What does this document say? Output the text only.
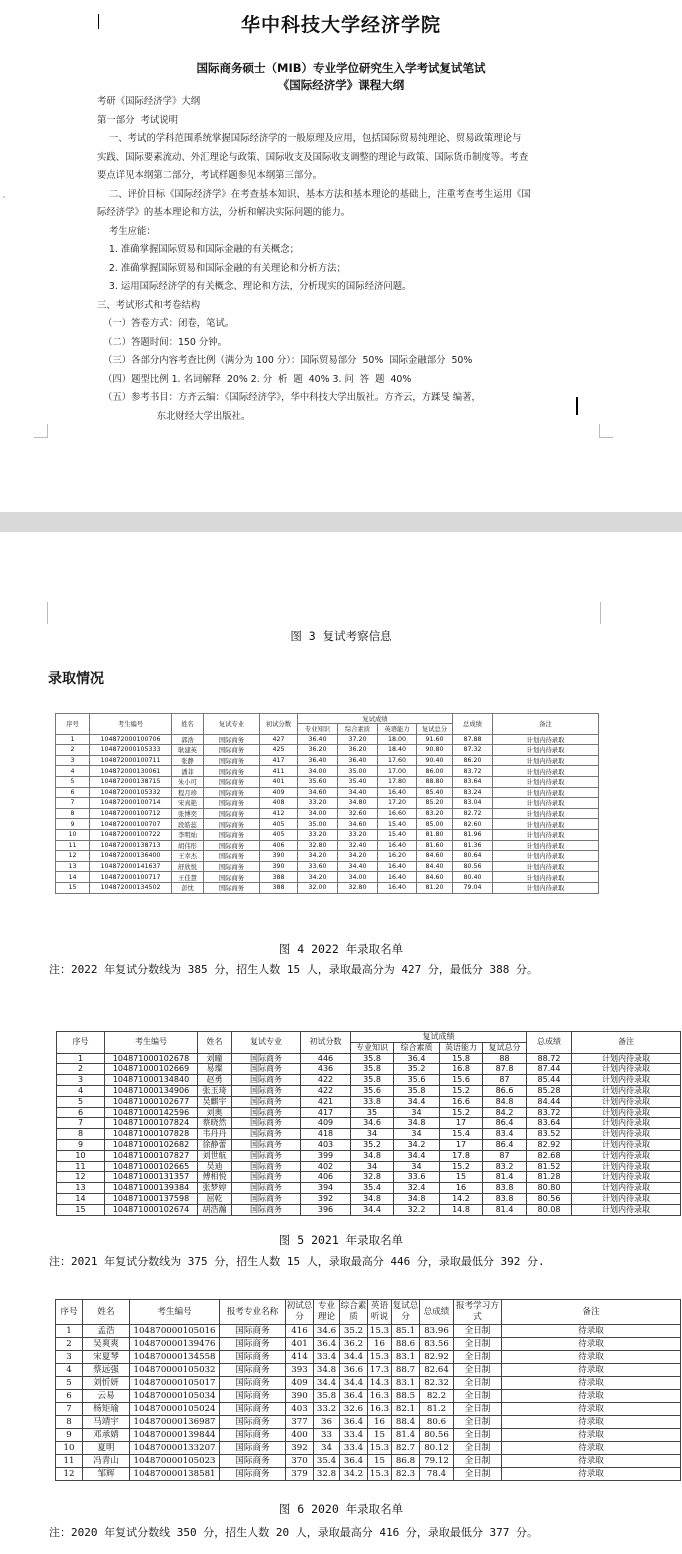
华中科技大学经济学院
国际商务硕士（MIB）专业学位研究生入学考试复试笔试
《国际经济学》课程大纲
考研《国际经济学》大纲
第一部分  考试说明
一、考试的学科范围系统掌握国际经济学的一般原理及应用，包括国际贸易纯理论、贸易政策理论与
实践、国际要素流动、外汇理论与政策、国际收支及国际收支调整的理论与政策、国际货币制度等。考查
要点详见本纲第二部分，考试样题参见本纲第三部分。
二、评价目标《国际经济学》在考查基本知识、基本方法和基本理论的基础上，注重考查考生运用《国
际经济学》的基本理论和方法，分析和解决实际问题的能力。
考生应能：
1. 准确掌握国际贸易和国际金融的有关概念；
2. 准确掌握国际贸易和国际金融的有关理论和分析方法；
3. 运用国际经济学的有关概念、理论和方法，分析现实的国际经济问题。
三、考试形式和考卷结构
（一）答卷方式：闭卷，笔试。
（二）答题时间：150 分钟。
（三）各部分内容考查比例（满分为 100 分）：国际贸易部分  50%  国际金融部分  50%
（四）题型比例 1. 名词解释  20% 2. 分  析  题  40% 3. 问  答  题  40%
（五）参考书目：方齐云编：《国际经济学》，华中科技大学出版社。方齐云，方蹂旻 编著，
东北财经大学出版社。
˅
图 3 复试考察信息
录取情况
序号	考生编号	姓名	复试专业	初试分数	复试成绩				总成绩	备注
					专业知识	综合素质	英语能力	复试总分		
1	104872000100706	郭浩	国际商务	427	36.40	37.20	18.00	91.60	87.88	计划内待录取
2	104872000105333	耿建英	国际商务	425	36.20	36.20	18.40	90.80	87.32	计划内待录取
3	104872000100711	张静	国际商务	417	36.40	36.40	17.60	90.40	86.20	计划内待录取
4	104872000130061	潘菲	国际商务	411	34.00	35.00	17.00	86.00	83.72	计划内待录取
5	104872000138715	朱小可	国际商务	401	35.60	35.40	17.80	88.80	83.64	计划内待录取
6	104872000105332	程月珍	国际商务	409	34.60	34.40	16.40	85.40	83.24	计划内待录取
7	104872000100714	宋真艳	国际商务	408	33.20	34.80	17.20	85.20	83.04	计划内待录取
8	104872000100712	张博奕	国际商务	412	34.00	32.60	16.60	83.20	82.72	计划内待录取
9	104872000100707	段皓蕊	国际商务	405	35.00	34.60	15.40	85.00	82.60	计划内待录取
10	104872000100722	李明灿	国际商务	405	33.20	33.20	15.40	81.80	81.96	计划内待录取
11	104872000138713	胡伟彤	国际商务	406	32.80	32.40	16.40	81.60	81.36	计划内待录取
12	104872000136400	王幸杰	国际商务	390	34.20	34.20	16.20	84.60	80.64	计划内待录取
13	104872000141637	舒欣悦	国际商务	390	33.60	34.40	16.40	84.40	80.56	计划内待录取
14	104872000100717	王佳慧	国际商务	388	34.20	34.00	16.40	84.60	80.40	计划内待录取
15	104872000134502	彭忱	国际商务	388	32.00	32.80	16.40	81.20	79.04	计划内待录取
图 4 2022 年录取名单
注：2022 年复试分数线为 385 分，招生人数 15 人，录取最高分为 427 分，最低分 388 分。
序号	考生编号	姓名	复试专业	初试分数	复试成绩				总成绩	备注
					专业知识	综合素质	英语能力	复试总分		
1	104871000102678	刘曈	国际商务	446	35.8	36.4	15.8	88	88.72	计划内待录取
2	104871000102669	易璨	国际商务	436	35.8	35.2	16.8	87.8	87.44	计划内待录取
3	104871000134840	赵勇	国际商务	422	35.8	35.6	15.6	87	85.44	计划内待录取
4	104871000134906	张玉琦	国际商务	422	35.6	35.8	15.2	86.6	85.28	计划内待录取
5	104871000102677	吴麒宇	国际商务	421	33.8	34.4	16.6	84.8	84.44	计划内待录取
6	104871000142596	刘奥	国际商务	417	35	34	15.2	84.2	83.72	计划内待录取
7	104871000107824	蔡晓然	国际商务	409	34.6	34.8	17	86.4	83.64	计划内待录取
8	104871000107828	韦丹丹	国际商务	418	34	34	15.4	83.4	83.52	计划内待录取
9	104871000102682	徐静蕾	国际商务	403	35.2	34.2	17	86.4	82.92	计划内待录取
10	104871000107827	刘世航	国际商务	399	34.8	34.4	17.8	87	82.68	计划内待录取
11	104871000102665	吴迪	国际商务	402	34	34	15.2	83.2	81.52	计划内待录取
12	104871000131357	傅相悦	国际商务	406	32.8	33.6	15	81.4	81.28	计划内待录取
13	104871000139384	张梦婷	国际商务	394	35.4	32.4	16	83.8	80.80	计划内待录取
14	104871000137598	屈乾	国际商务	392	34.8	34.8	14.2	83.8	80.56	计划内待录取
15	104871000102674	胡浩瀚	国际商务	396	34.4	32.2	14.8	81.4	80.08	计划内待录取
图 5 2021 年录取名单
注：2021 年复试分数线为 375 分，招生人数 15 人，录取最高分 446 分，录取最低分 392 分.
序号	姓名	考生编号	报考专业名称	初试总分	专业理论	综合素质	英语听说	复试总分	总成绩	报考学习方式	备注
1	孟浩	104870000105016	国际商务	416	34.6	35.2	15.3	85.1	83.96	全日制	待录取
2	吴爽爽	104870000139476	国际商务	401	36.4	36.2	16	88.6	83.56	全日制	待录取
3	宋夏琴	104870000134558	国际商务	414	33.4	34.4	15.3	83.1	82.92	全日制	待录取
4	蔡远强	104870000105032	国际商务	393	34.8	36.6	17.3	88.7	82.64	全日制	待录取
5	刘忻妍	104870000105017	国际商务	409	34.4	34.4	14.3	83.1	82.32	全日制	待录取
6	云易	104870000105034	国际商务	390	35.8	36.4	16.3	88.5	82.2	全日制	待录取
7	杨矩瑜	104870000105024	国际商务	403	33.2	32.6	16.3	82.1	81.2	全日制	待录取
8	马靖宇	104870000136987	国际商务	377	36	36.4	16	88.4	80.6	全日制	待录取
9	邓承婧	104870000139844	国际商务	400	33	33.4	15	81.4	80.56	全日制	待录取
10	夏明	104870000133207	国际商务	392	34	33.4	15.3	82.7	80.12	全日制	待录取
11	冯青山	104870000105023	国际商务	370	35.4	36.4	15	86.8	79.12	全日制	待录取
12	邹辉	104870000138581	国际商务	379	32.8	34.2	15.3	82.3	78.4	全日制	待录取
图 6 2020 年录取名单
注：2020 年复试分数线 350 分，招生人数 20 人，录取最高分 416 分，录取最低分 377 分。
